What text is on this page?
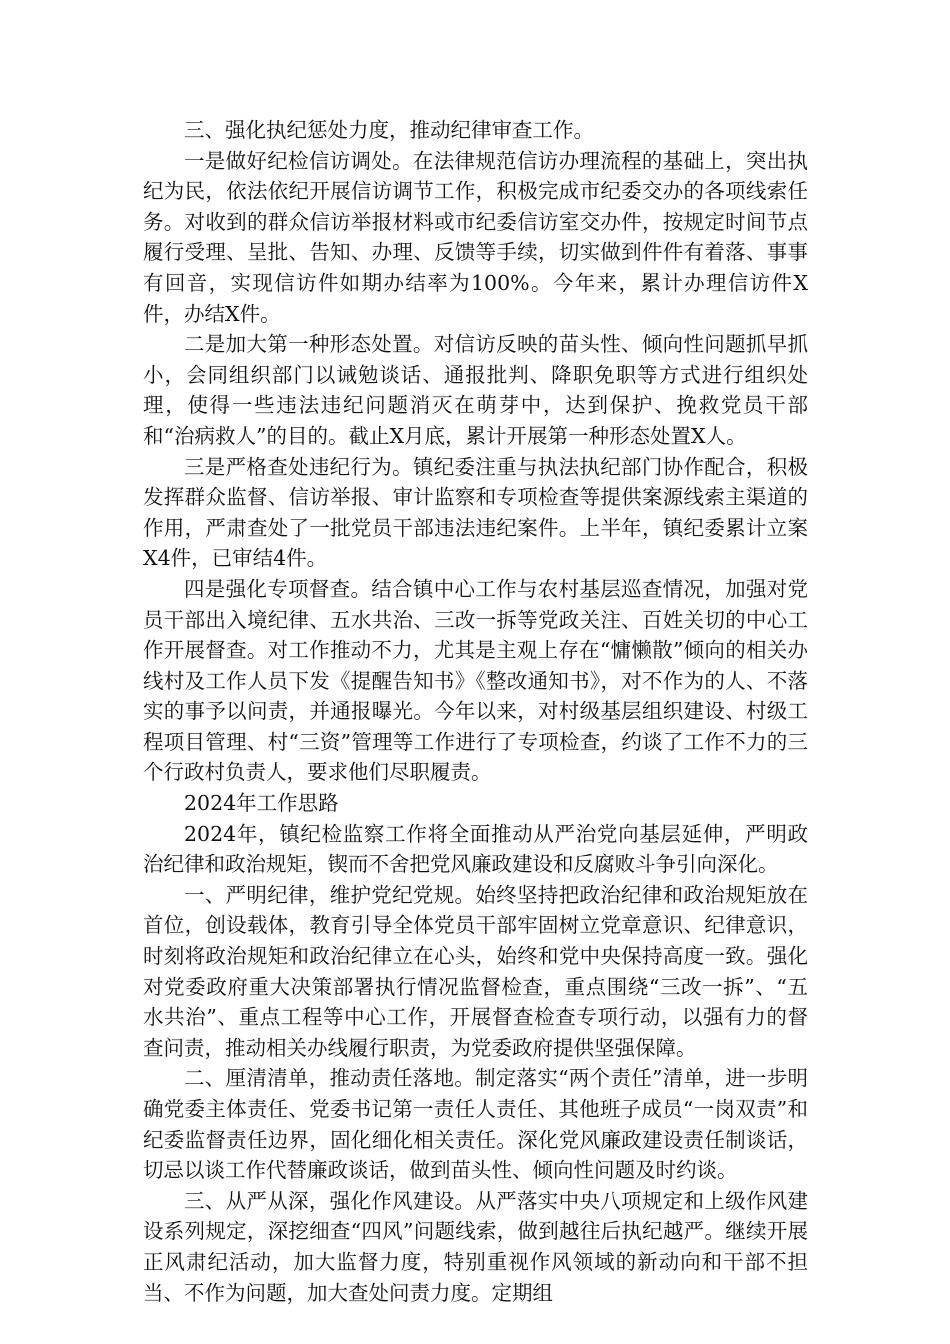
三、强化执纪惩处力度，推动纪律审查工作。

一是做好纪检信访调处。在法律规范信访办理流程的基础上，突出执纪为民，依法依纪开展信访调节工作，积极完成市纪委交办的各项线索任务。对收到的群众信访举报材料或市纪委信访室交办件，按规定时间节点履行受理、呈批、告知、办理、反馈等手续，切实做到件件有着落、事事有回音，实现信访件如期办结率为100%。今年来，累计办理信访件X件，办结X件。

二是加大第一种形态处置。对信访反映的苗头性、倾向性问题抓早抓小，会同组织部门以诫勉谈话、通报批判、降职免职等方式进行组织处理，使得一些违法违纪问题消灭在萌芽中，达到保护、挽救党员干部和“治病救人”的目的。截止X月底，累计开展第一种形态处置X人。

三是严格查处违纪行为。镇纪委注重与执法执纪部门协作配合，积极发挥群众监督、信访举报、审计监察和专项检查等提供案源线索主渠道的作用，严肃查处了一批党员干部违法违纪案件。上半年，镇纪委累计立案X4件，已审结4件。

四是强化专项督查。结合镇中心工作与农村基层巡查情况，加强对党员干部出入境纪律、五水共治、三改一拆等党政关注、百姓关切的中心工作开展督查。对工作推动不力，尤其是主观上存在“慵懒散”倾向的相关办线村及工作人员下发《提醒告知书》《整改通知书》，对不作为的人、不落实的事予以问责，并通报曝光。今年以来，对村级基层组织建设、村级工程项目管理、村“三资”管理等工作进行了专项检查，约谈了工作不力的三个行政村负责人，要求他们尽职履责。

2024年工作思路

2024年，镇纪检监察工作将全面推动从严治党向基层延伸，严明政治纪律和政治规矩，锲而不舍把党风廉政建设和反腐败斗争引向深化。

一、严明纪律，维护党纪党规。始终坚持把政治纪律和政治规矩放在首位，创设载体，教育引导全体党员干部牢固树立党章意识、纪律意识，时刻将政治规矩和政治纪律立在心头，始终和党中央保持高度一致。强化对党委政府重大决策部署执行情况监督检查，重点围绕“三改一拆”、“五水共治”、重点工程等中心工作，开展督查检查专项行动，以强有力的督查问责，推动相关办线履行职责，为党委政府提供坚强保障。

二、厘清清单，推动责任落地。制定落实“两个责任”清单，进一步明确党委主体责任、党委书记第一责任人责任、其他班子成员“一岗双责”和纪委监督责任边界，固化细化相关责任。深化党风廉政建设责任制谈话，切忌以谈工作代替廉政谈话，做到苗头性、倾向性问题及时约谈。

三、从严从深，强化作风建设。从严落实中央八项规定和上级作风建设系列规定，深挖细查“四风”问题线索，做到越往后执纪越严。继续开展正风肃纪活动，加大监督力度，特别重视作风领域的新动向和干部不担当、不作为问题，加大查处问责力度。定期组
